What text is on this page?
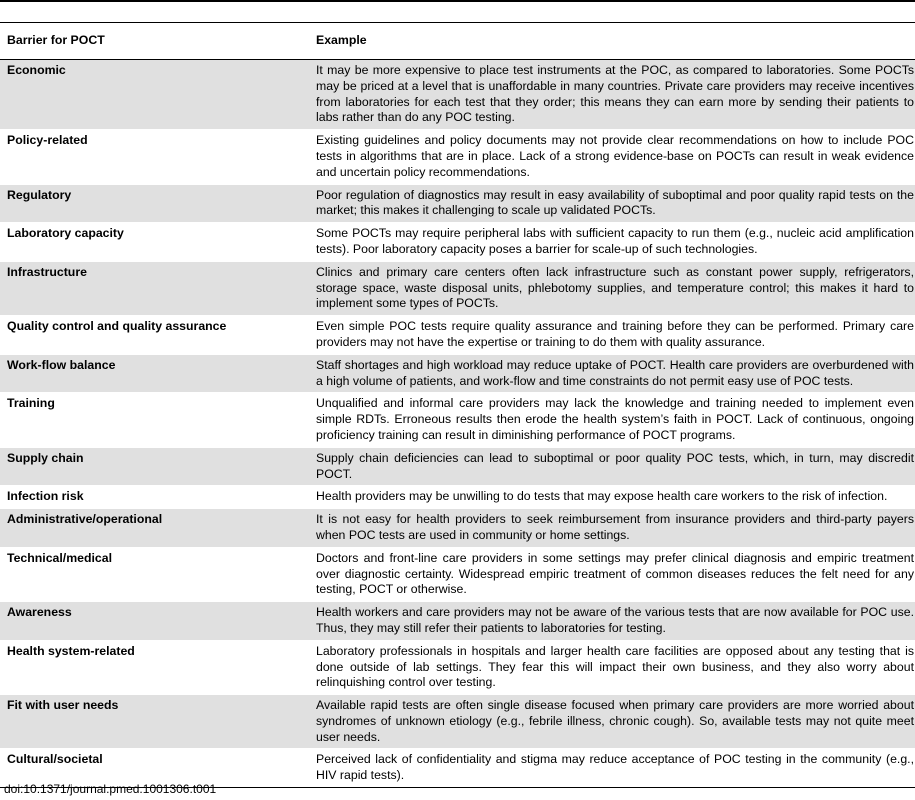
Barrier for POCT	Example
Economic	It may be more expensive to place test instruments at the POC, as compared to laboratories. Some POCTs may be priced at a level that is unaffordable in many countries. Private care providers may receive incentives from laboratories for each test that they order; this means they can earn more by sending their patients to labs rather than do any POC testing.
Policy-related	Existing guidelines and policy documents may not provide clear recommendations on how to include POC tests in algorithms that are in place. Lack of a strong evidence-base on POCTs can result in weak evidence and uncertain policy recommendations.
Regulatory	Poor regulation of diagnostics may result in easy availability of suboptimal and poor quality rapid tests on the market; this makes it challenging to scale up validated POCTs.
Laboratory capacity	Some POCTs may require peripheral labs with sufficient capacity to run them (e.g., nucleic acid amplification tests). Poor laboratory capacity poses a barrier for scale-up of such technologies.
Infrastructure	Clinics and primary care centers often lack infrastructure such as constant power supply, refrigerators, storage space, waste disposal units, phlebotomy supplies, and temperature control; this makes it hard to implement some types of POCTs.
Quality control and quality assurance	Even simple POC tests require quality assurance and training before they can be performed. Primary care providers may not have the expertise or training to do them with quality assurance.
Work-flow balance	Staff shortages and high workload may reduce uptake of POCT. Health care providers are overburdened with a high volume of patients, and work-flow and time constraints do not permit easy use of POC tests.
Training	Unqualified and informal care providers may lack the knowledge and training needed to implement even simple RDTs. Erroneous results then erode the health system’s faith in POCT. Lack of continuous, ongoing proficiency training can result in diminishing performance of POCT programs.
Supply chain	Supply chain deficiencies can lead to suboptimal or poor quality POC tests, which, in turn, may discredit POCT.
Infection risk	Health providers may be unwilling to do tests that may expose health care workers to the risk of infection.
Administrative/operational	It is not easy for health providers to seek reimbursement from insurance providers and third-party payers when POC tests are used in community or home settings.
Technical/medical	Doctors and front-line care providers in some settings may prefer clinical diagnosis and empiric treatment over diagnostic certainty. Widespread empiric treatment of common diseases reduces the felt need for any testing, POCT or otherwise.
Awareness	Health workers and care providers may not be aware of the various tests that are now available for POC use. Thus, they may still refer their patients to laboratories for testing.
Health system-related	Laboratory professionals in hospitals and larger health care facilities are opposed about any testing that is done outside of lab settings. They fear this will impact their own business, and they also worry about relinquishing control over testing.
Fit with user needs	Available rapid tests are often single disease focused when primary care providers are more worried about syndromes of unknown etiology (e.g., febrile illness, chronic cough). So, available tests may not quite meet user needs.
Cultural/societal	Perceived lack of confidentiality and stigma may reduce acceptance of POC testing in the community (e.g., HIV rapid tests).
doi:10.1371/journal.pmed.1001306.t001
